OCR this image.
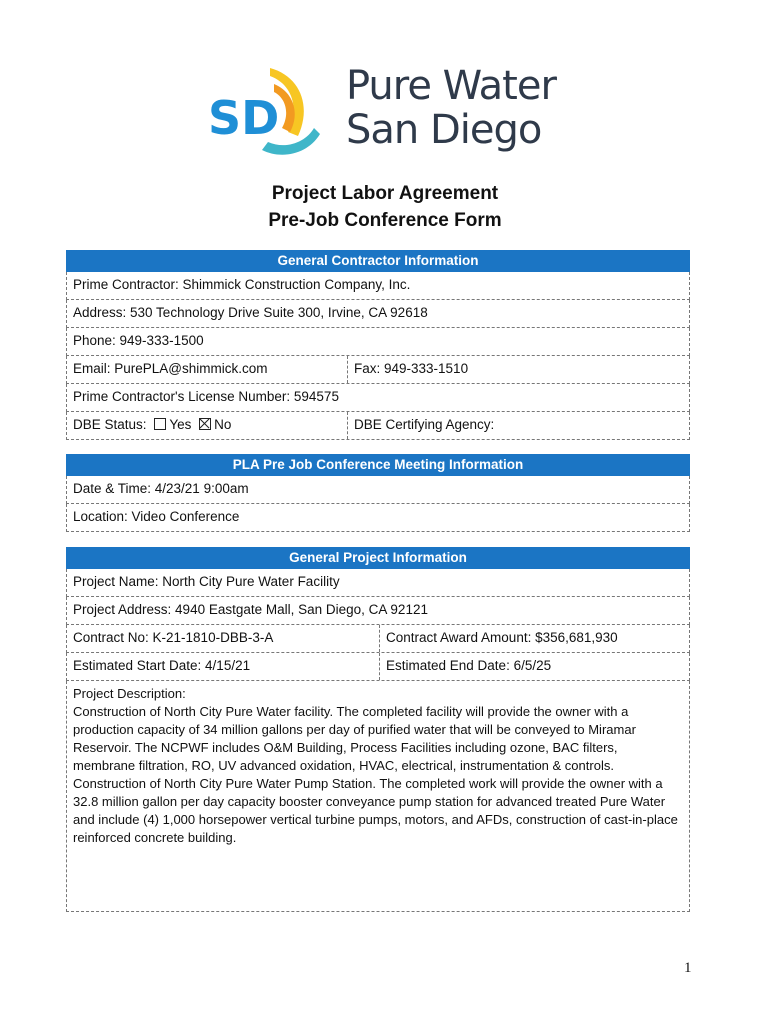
SD
Pure Water
San Diego
Project Labor Agreement
Pre-Job Conference Form
General Contractor Information
Prime Contractor: Shimmick Construction Company, Inc.
Address: 530 Technology Drive Suite 300, Irvine, CA 92618
Phone: 949-333-1500
Email: PurePLA@shimmick.com	Fax: 949-333-1510
Prime Contractor's License Number: 594575
DBE Status: Yes No	DBE Certifying Agency:
PLA Pre Job Conference Meeting Information
Date & Time: 4/23/21 9:00am
Location: Video Conference
General Project Information
Project Name: North City Pure Water Facility
Project Address: 4940 Eastgate Mall, San Diego, CA 92121
Contract No: K-21-1810-DBB-3-A	Contract Award Amount: $356,681,930
Estimated Start Date: 4/15/21	Estimated End Date: 6/5/25
Project Description:
Construction of North City Pure Water facility. The completed facility will provide the owner with a production capacity of 34 million gallons per day of purified water that will be conveyed to Miramar Reservoir. The NCPWF includes O&M Building, Process Facilities including ozone, BAC filters, membrane filtration, RO, UV advanced oxidation, HVAC, electrical, instrumentation & controls.
Construction of North City Pure Water Pump Station. The completed work will provide the owner with a 32.8 million gallon per day capacity booster conveyance pump station for advanced treated Pure Water and include (4) 1,000 horsepower vertical turbine pumps, motors, and AFDs, construction of cast-in-place reinforced concrete building.
1
